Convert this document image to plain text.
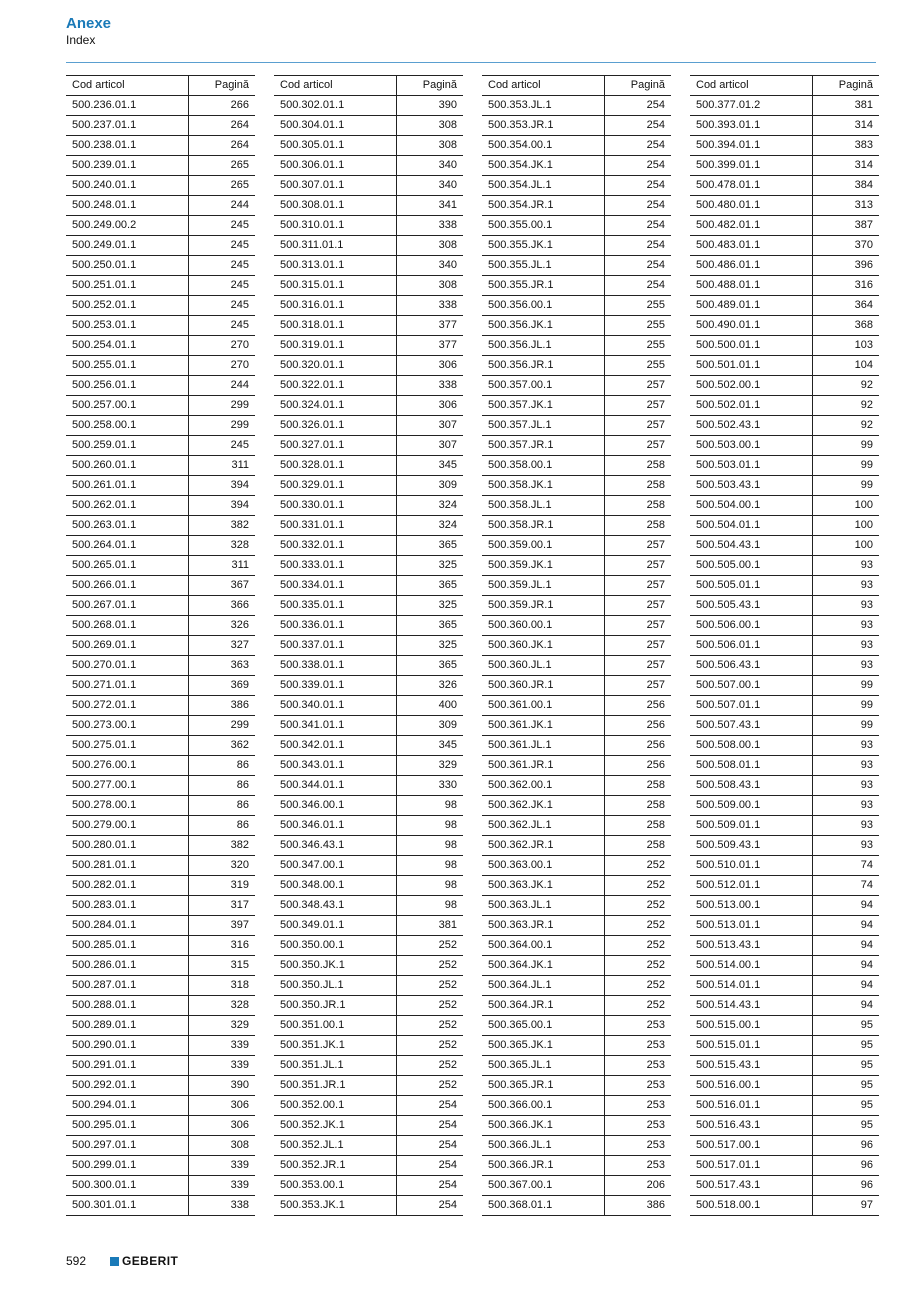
Anexe
Index
Cod articol	Pagină
500.236.01.1	266
500.237.01.1	264
500.238.01.1	264
500.239.01.1	265
500.240.01.1	265
500.248.01.1	244
500.249.00.2	245
500.249.01.1	245
500.250.01.1	245
500.251.01.1	245
500.252.01.1	245
500.253.01.1	245
500.254.01.1	270
500.255.01.1	270
500.256.01.1	244
500.257.00.1	299
500.258.00.1	299
500.259.01.1	245
500.260.01.1	311
500.261.01.1	394
500.262.01.1	394
500.263.01.1	382
500.264.01.1	328
500.265.01.1	311
500.266.01.1	367
500.267.01.1	366
500.268.01.1	326
500.269.01.1	327
500.270.01.1	363
500.271.01.1	369
500.272.01.1	386
500.273.00.1	299
500.275.01.1	362
500.276.00.1	86
500.277.00.1	86
500.278.00.1	86
500.279.00.1	86
500.280.01.1	382
500.281.01.1	320
500.282.01.1	319
500.283.01.1	317
500.284.01.1	397
500.285.01.1	316
500.286.01.1	315
500.287.01.1	318
500.288.01.1	328
500.289.01.1	329
500.290.01.1	339
500.291.01.1	339
500.292.01.1	390
500.294.01.1	306
500.295.01.1	306
500.297.01.1	308
500.299.01.1	339
500.300.01.1	339
500.301.01.1	338
Cod articol	Pagină
500.302.01.1	390
500.304.01.1	308
500.305.01.1	308
500.306.01.1	340
500.307.01.1	340
500.308.01.1	341
500.310.01.1	338
500.311.01.1	308
500.313.01.1	340
500.315.01.1	308
500.316.01.1	338
500.318.01.1	377
500.319.01.1	377
500.320.01.1	306
500.322.01.1	338
500.324.01.1	306
500.326.01.1	307
500.327.01.1	307
500.328.01.1	345
500.329.01.1	309
500.330.01.1	324
500.331.01.1	324
500.332.01.1	365
500.333.01.1	325
500.334.01.1	365
500.335.01.1	325
500.336.01.1	365
500.337.01.1	325
500.338.01.1	365
500.339.01.1	326
500.340.01.1	400
500.341.01.1	309
500.342.01.1	345
500.343.01.1	329
500.344.01.1	330
500.346.00.1	98
500.346.01.1	98
500.346.43.1	98
500.347.00.1	98
500.348.00.1	98
500.348.43.1	98
500.349.01.1	381
500.350.00.1	252
500.350.JK.1	252
500.350.JL.1	252
500.350.JR.1	252
500.351.00.1	252
500.351.JK.1	252
500.351.JL.1	252
500.351.JR.1	252
500.352.00.1	254
500.352.JK.1	254
500.352.JL.1	254
500.352.JR.1	254
500.353.00.1	254
500.353.JK.1	254
Cod articol	Pagină
500.353.JL.1	254
500.353.JR.1	254
500.354.00.1	254
500.354.JK.1	254
500.354.JL.1	254
500.354.JR.1	254
500.355.00.1	254
500.355.JK.1	254
500.355.JL.1	254
500.355.JR.1	254
500.356.00.1	255
500.356.JK.1	255
500.356.JL.1	255
500.356.JR.1	255
500.357.00.1	257
500.357.JK.1	257
500.357.JL.1	257
500.357.JR.1	257
500.358.00.1	258
500.358.JK.1	258
500.358.JL.1	258
500.358.JR.1	258
500.359.00.1	257
500.359.JK.1	257
500.359.JL.1	257
500.359.JR.1	257
500.360.00.1	257
500.360.JK.1	257
500.360.JL.1	257
500.360.JR.1	257
500.361.00.1	256
500.361.JK.1	256
500.361.JL.1	256
500.361.JR.1	256
500.362.00.1	258
500.362.JK.1	258
500.362.JL.1	258
500.362.JR.1	258
500.363.00.1	252
500.363.JK.1	252
500.363.JL.1	252
500.363.JR.1	252
500.364.00.1	252
500.364.JK.1	252
500.364.JL.1	252
500.364.JR.1	252
500.365.00.1	253
500.365.JK.1	253
500.365.JL.1	253
500.365.JR.1	253
500.366.00.1	253
500.366.JK.1	253
500.366.JL.1	253
500.366.JR.1	253
500.367.00.1	206
500.368.01.1	386
Cod articol	Pagină
500.377.01.2	381
500.393.01.1	314
500.394.01.1	383
500.399.01.1	314
500.478.01.1	384
500.480.01.1	313
500.482.01.1	387
500.483.01.1	370
500.486.01.1	396
500.488.01.1	316
500.489.01.1	364
500.490.01.1	368
500.500.01.1	103
500.501.01.1	104
500.502.00.1	92
500.502.01.1	92
500.502.43.1	92
500.503.00.1	99
500.503.01.1	99
500.503.43.1	99
500.504.00.1	100
500.504.01.1	100
500.504.43.1	100
500.505.00.1	93
500.505.01.1	93
500.505.43.1	93
500.506.00.1	93
500.506.01.1	93
500.506.43.1	93
500.507.00.1	99
500.507.01.1	99
500.507.43.1	99
500.508.00.1	93
500.508.01.1	93
500.508.43.1	93
500.509.00.1	93
500.509.01.1	93
500.509.43.1	93
500.510.01.1	74
500.512.01.1	74
500.513.00.1	94
500.513.01.1	94
500.513.43.1	94
500.514.00.1	94
500.514.01.1	94
500.514.43.1	94
500.515.00.1	95
500.515.01.1	95
500.515.43.1	95
500.516.00.1	95
500.516.01.1	95
500.516.43.1	95
500.517.00.1	96
500.517.01.1	96
500.517.43.1	96
500.518.00.1	97
592	GEBERIT
